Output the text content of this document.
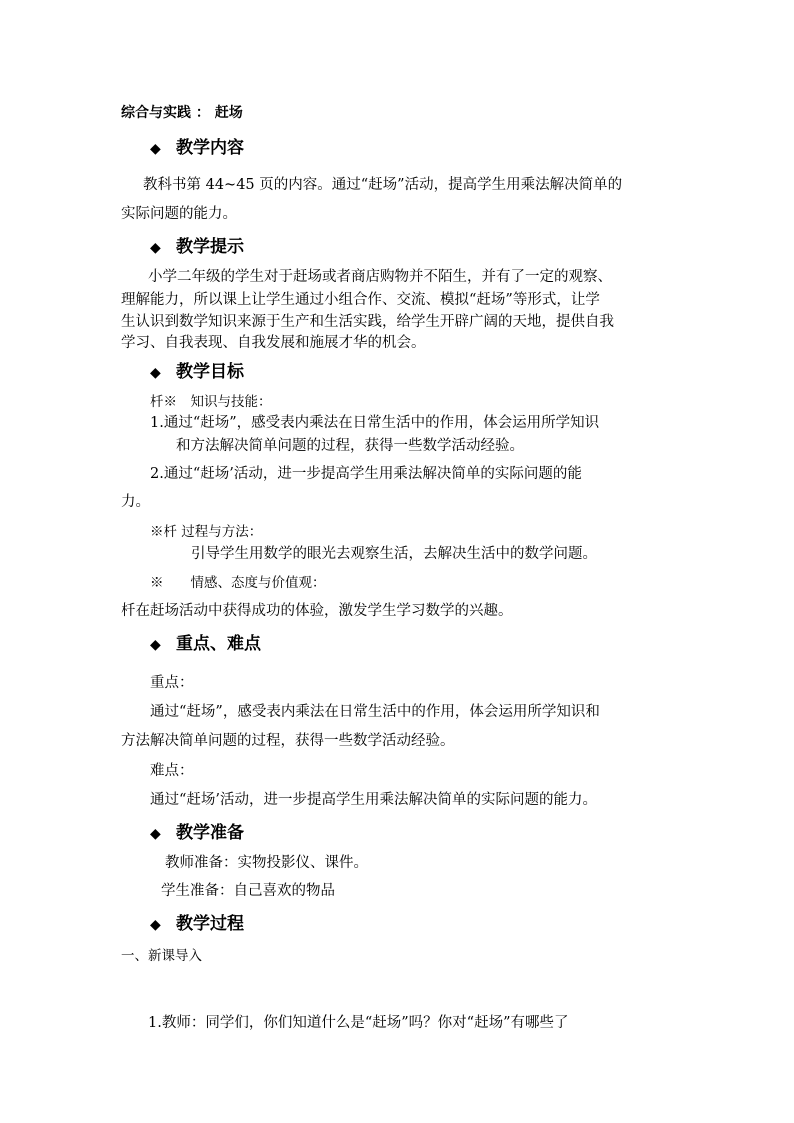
综合与实践 ： 赶场
◆ 教学内容
教科书第 44~45 页的内容。通过“赶场”活动，提高学生用乘法解决简单的
实际问题的能力。
◆ 教学提示
小学二年级的学生对于赶场或者商店购物并不陌生，并有了一定的观察、
理解能力，所以课上让学生通过小组合作、交流、模拟“赶场”等形式，让学
生认识到数学知识来源于生产和生活实践，给学生开辟广阔的天地，提供自我
学习、自我表现、自我发展和施展才华的机会。
◆ 教学目标
杄※　知识与技能：
1.通过“赶场”，感受表内乘法在日常生活中的作用，体会运用所学知识
和方法解决简单问题的过程，获得一些数学活动经验。
2.通过“赶场’活动，进一步提高学生用乘法解决简单的实际问题的能
力。
※杄 过程与方法：
引导学生用数学的眼光去观察生活，去解决生活中的数学问题。
※　　情感、态度与价值观：
杄在赶场活动中获得成功的体验，激发学生学习数学的兴趣。
◆ 重点、难点
重点：
通过“赶场”，感受表内乘法在日常生活中的作用，体会运用所学知识和
方法解决简单问题的过程，获得一些数学活动经验。
难点：
通过“赶场’活动，进一步提高学生用乘法解决简单的实际问题的能力。
◆ 教学准备
教师准备：实物投影仪、课件。
学生准备：自己喜欢的物品
◆ 教学过程
一、新课导入
1.教师：同学们，你们知道什么是“赶场”吗？你对“赶场”有哪些了
